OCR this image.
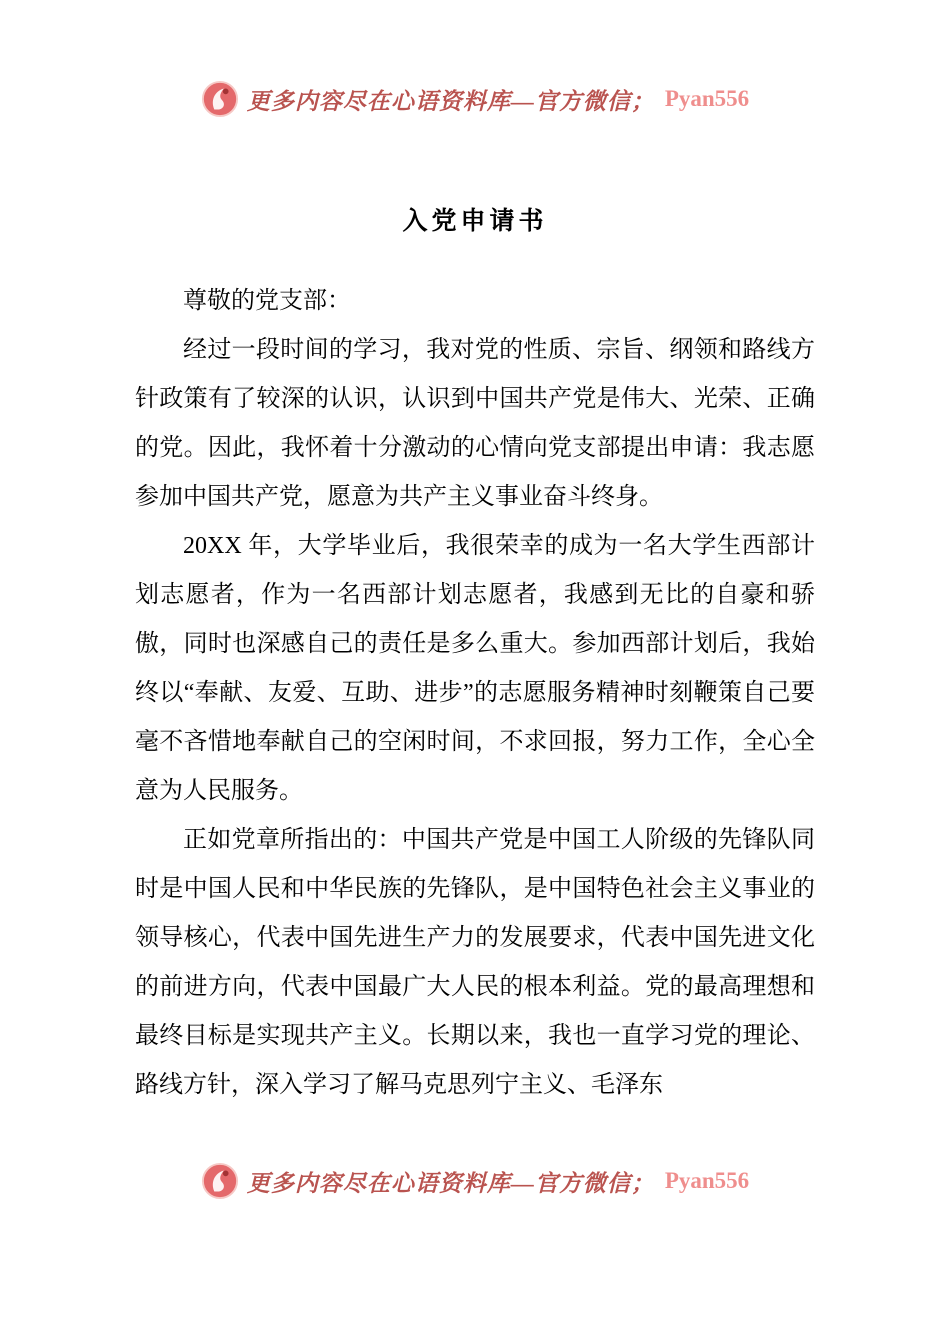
更多内容尽在心语资料库—官方微信； Pyan556
入党申请书

尊敬的党支部：

经过一段时间的学习，我对党的性质、宗旨、纲领和路线方针政策有了较深的认识，认识到中国共产党是伟大、光荣、正确的党。因此，我怀着十分激动的心情向党支部提出申请：我志愿参加中国共产党，愿意为共产主义事业奋斗终身。

20XX 年，大学毕业后，我很荣幸的成为一名大学生西部计划志愿者，作为一名西部计划志愿者，我感到无比的自豪和骄傲，同时也深感自己的责任是多么重大。参加西部计划后，我始终以“奉献、友爱、互助、进步”的志愿服务精神时刻鞭策自己要毫不吝惜地奉献自己的空闲时间，不求回报，努力工作，全心全意为人民服务。

正如党章所指出的：中国共产党是中国工人阶级的先锋队同时是中国人民和中华民族的先锋队，是中国特色社会主义事业的领导核心，代表中国先进生产力的发展要求，代表中国先进文化的前进方向，代表中国最广大人民的根本利益。党的最高理想和最终目标是实现共产主义。长期以来，我也一直学习党的理论、路线方针，深入学习了解马克思列宁主义、毛泽东

更多内容尽在心语资料库—官方微信； Pyan556
